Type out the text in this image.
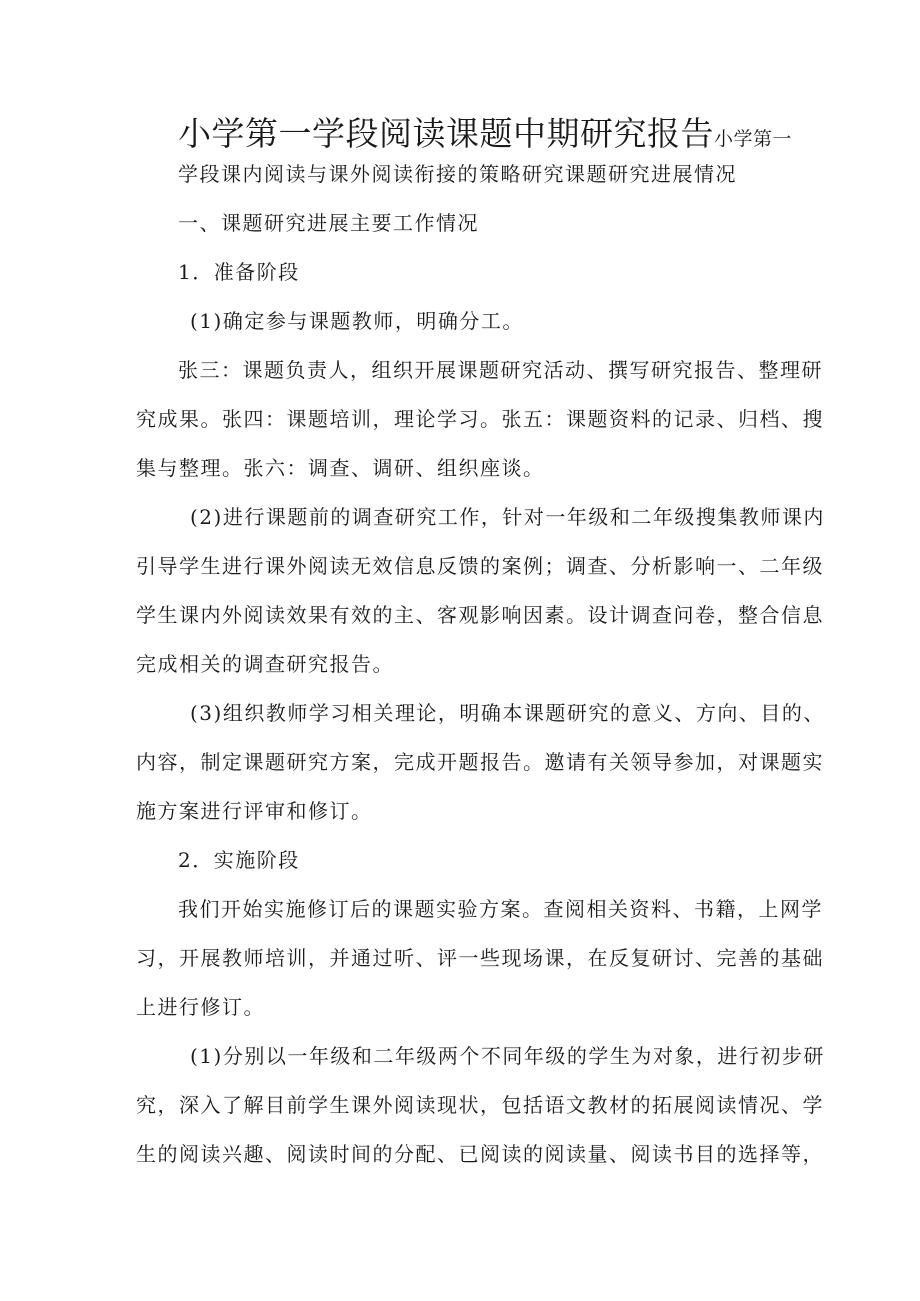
小学第一学段阅读课题中期研究报告小学第一
学段课内阅读与课外阅读衔接的策略研究课题研究进展情况
一、课题研究进展主要工作情况
1．准备阶段
(1)确定参与课题教师，明确分工。
张三：课题负责人，组织开展课题研究活动、撰写研究报告、整理研
究成果。张四：课题培训，理论学习。张五：课题资料的记录、归档、搜
集与整理。张六：调查、调研、组织座谈。
(2)进行课题前的调查研究工作，针对一年级和二年级搜集教师课内
引导学生进行课外阅读无效信息反馈的案例；调查、分析影响一、二年级
学生课内外阅读效果有效的主、客观影响因素。设计调查问卷，整合信息
完成相关的调查研究报告。
(3)组织教师学习相关理论，明确本课题研究的意义、方向、目的、
内容，制定课题研究方案，完成开题报告。邀请有关领导参加，对课题实
施方案进行评审和修订。
2．实施阶段
我们开始实施修订后的课题实验方案。查阅相关资料、书籍，上网学
习，开展教师培训，并通过听、评一些现场课，在反复研讨、完善的基础
上进行修订。
(1)分别以一年级和二年级两个不同年级的学生为对象，进行初步研
究，深入了解目前学生课外阅读现状，包括语文教材的拓展阅读情况、学
生的阅读兴趣、阅读时间的分配、已阅读的阅读量、阅读书目的选择等，
